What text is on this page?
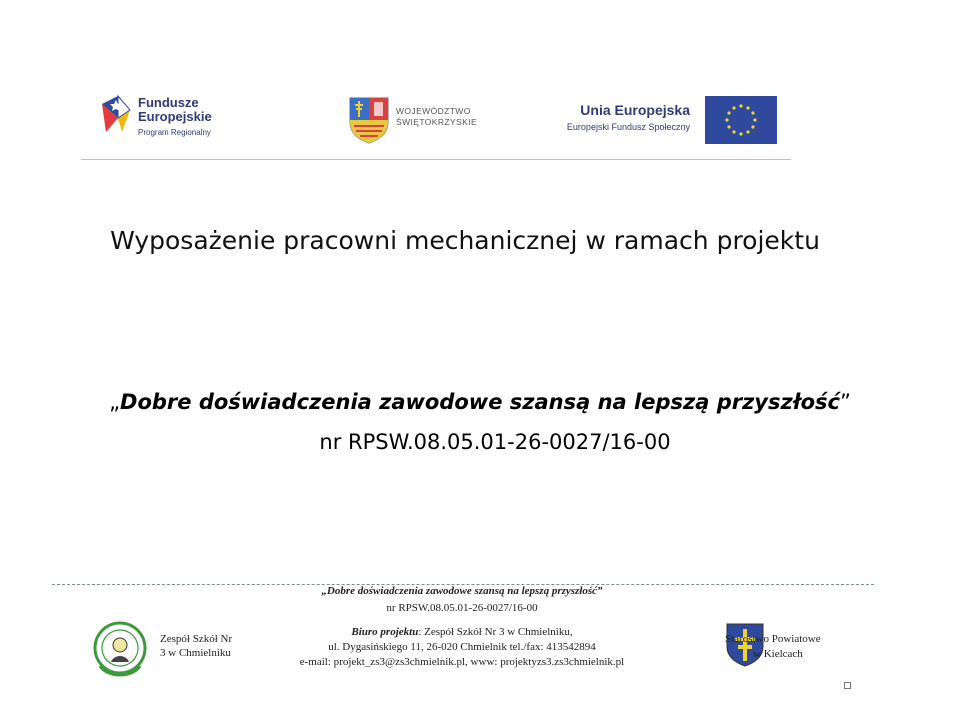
Fundusze
Europejskie
Program Regionalny
WOJEWÓDZTWO
ŚWIĘTOKRZYSKIE
Unia Europejska
Europejski Fundusz Społeczny
Wyposażenie pracowni mechanicznej w ramach projektu
„Dobre doświadczenia zawodowe szansą na lepszą przyszłość”
nr RPSW.08.05.01-26-0027/16-00
„Dobre doświadczenia zawodowe szansą na lepszą przyszłość”
nr RPSW.08.05.01-26-0027/16-00
Biuro projektu: Zespół Szkół Nr 3 w Chmielniku,
ul. Dygasińskiego 11, 26-020 Chmielnik tel./fax: 413542894
e-mail: projekt_zs3@zs3chmielnik.pl, www: projektyzs3.zs3chmielnik.pl
Zespół Szkół Nr
3 w Chmielniku
Starostwo Powiatowe
w Kielcach
